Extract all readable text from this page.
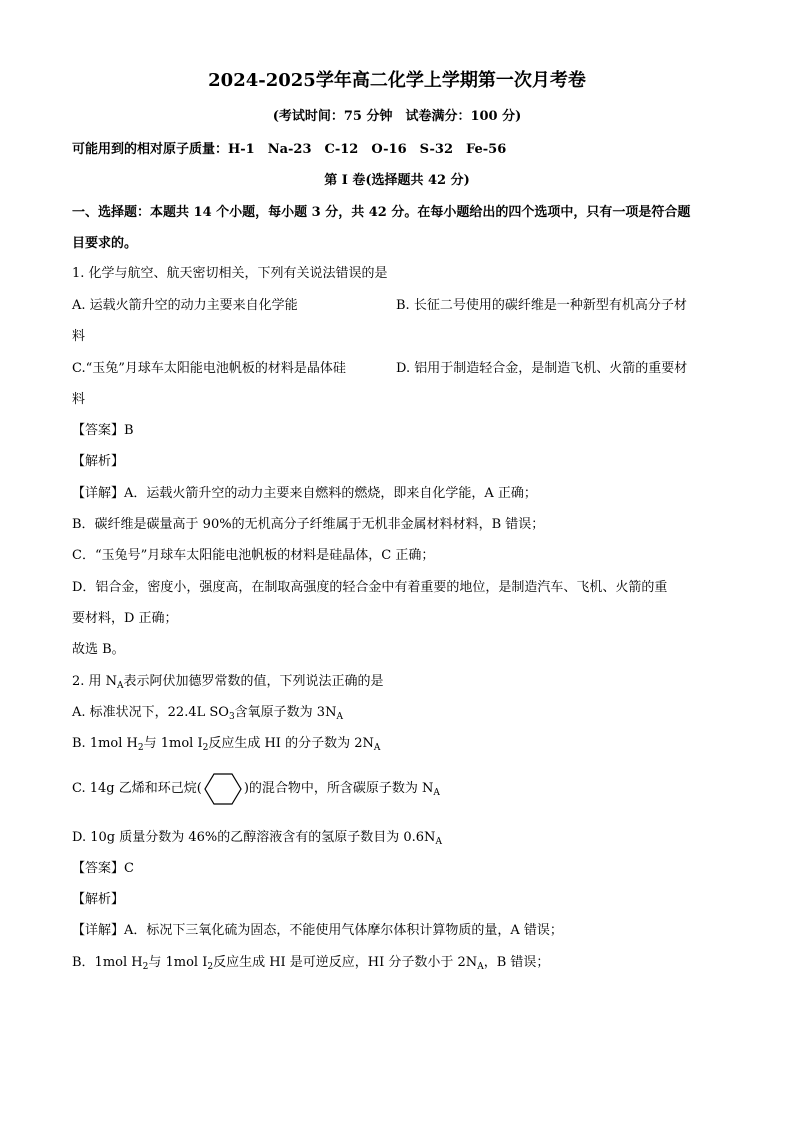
2024-2025学年高二化学上学期第一次月考卷
(考试时间：75 分钟　试卷满分：100 分)
可能用到的相对原子质量：H-1　Na-23　C-12　O-16　S-32　Fe-56
第 I 卷(选择题共 42 分)
一、选择题：本题共 14 个小题，每小题 3 分，共 42 分。在每小题给出的四个选项中，只有一项是符合题
目要求的。
1. 化学与航空、航天密切相关，下列有关说法错误的是
A. 运载火箭升空的动力主要来自化学能	B. 长征二号使用的碳纤维是一种新型有机高分子材
料
C.“玉兔”月球车太阳能电池帆板的材料是晶体硅	D. 铝用于制造轻合金，是制造飞机、火箭的重要材
料
【答案】B
【解析】
【详解】A．运载火箭升空的动力主要来自燃料的燃烧，即来自化学能，A 正确；
B．碳纤维是碳量高于 90%的无机高分子纤维属于无机非金属材料材料，B 错误；
C．“玉兔号”月球车太阳能电池帆板的材料是硅晶体，C 正确；
D．铝合金，密度小，强度高，在制取高强度的轻合金中有着重要的地位，是制造汽车、飞机、火箭的重
要材料，D 正确；
故选 B。
2. 用 $N_A$表示阿伏加德罗常数的值，下列说法正确的是
A. 标准状况下，22.4L $SO_3$含氧原子数为 $3N_A$
B. 1mol $H_2$与 1mol $I_2$反应生成 HI 的分子数为 $2N_A$
C. 14g 乙烯和环己烷(	)的混合物中，所含碳原子数为 $N_A$
D. 10g 质量分数为 46%的乙醇溶液含有的氢原子数目为 $0.6N_A$
【答案】C
【解析】
【详解】A．标况下三氧化硫为固态，不能使用气体摩尔体积计算物质的量，A 错误；
B．1mol $H_2$与 1mol $I_2$反应生成 HI 是可逆反应，HI 分子数小于 $2N_A$，B 错误；
